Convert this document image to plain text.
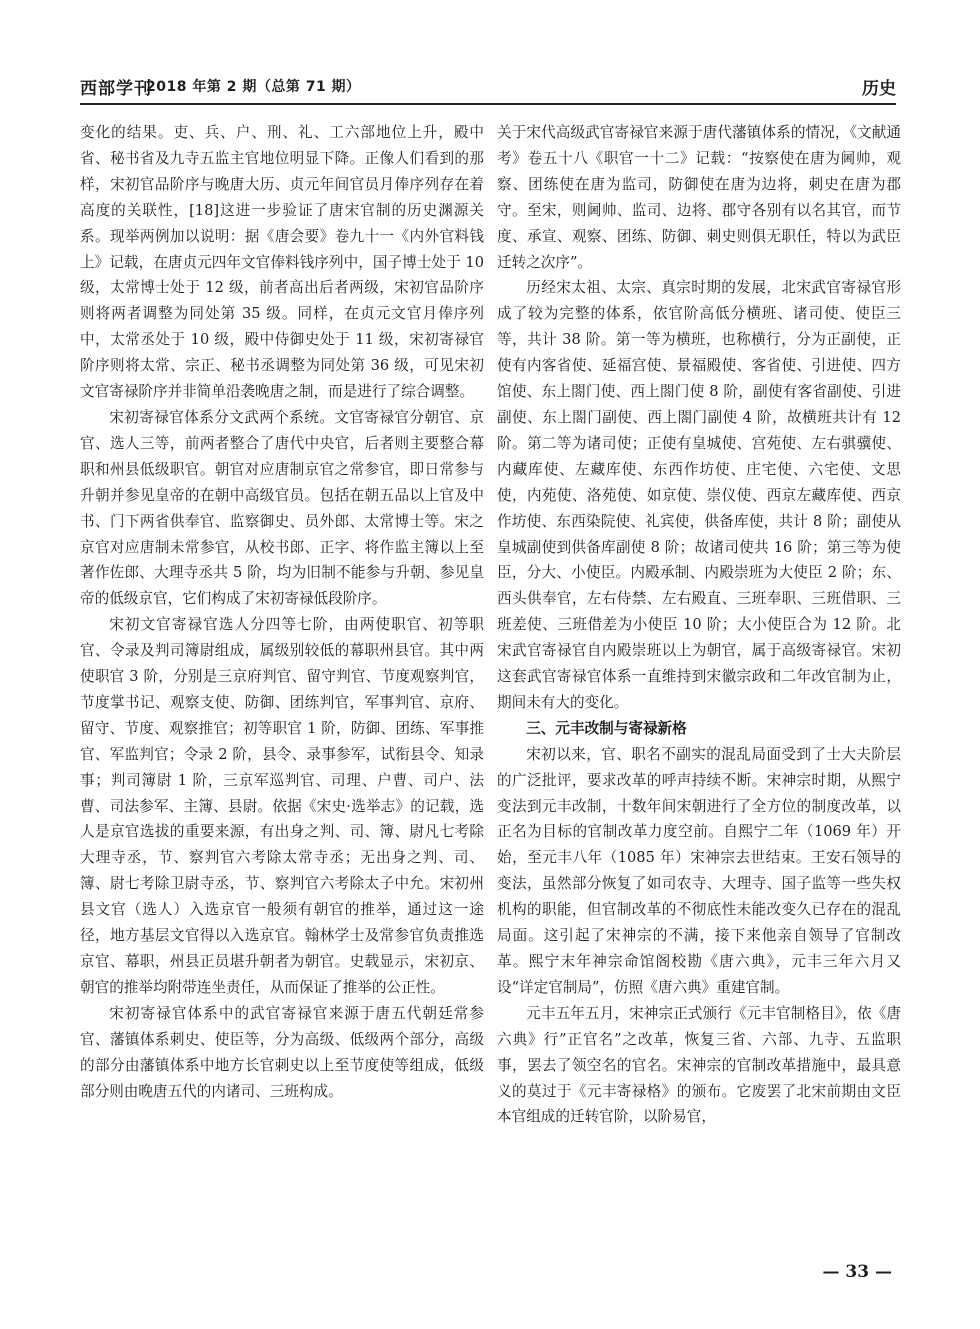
西部学刊
2018 年第 2 期（总第 71 期）	历史

变化的结果。吏、兵、户、刑、礼、工六部地位上升，殿中省、秘书省及九寺五监主官地位明显下降。正像人们看到的那样，宋初官品阶序与晚唐大历、贞元年间官员月俸序列存在着高度的关联性，[18]这进一步验证了唐宋官制的历史渊源关系。现举两例加以说明：据《唐会要》卷九十一《内外官料钱上》记载，在唐贞元四年文官俸料钱序列中，国子博士处于 10 级，太常博士处于 12 级，前者高出后者两级，宋初官品阶序则将两者调整为同处第 35 级。同样，在贞元文官月俸序列中，太常丞处于 10 级，殿中侍御史处于 11 级，宋初寄禄官阶序则将太常、宗正、秘书丞调整为同处第 36 级，可见宋初文官寄禄阶序并非简单沿袭晚唐之制，而是进行了综合调整。

宋初寄禄官体系分文武两个系统。文官寄禄官分朝官、京官、选人三等，前两者整合了唐代中央官，后者则主要整合幕职和州县低级职官。朝官对应唐制京官之常参官，即日常参与升朝并参见皇帝的在朝中高级官员。包括在朝五品以上官及中书、门下两省供奉官、监察御史、员外郎、太常博士等。宋之京官对应唐制未常参官，从校书郎、正字、将作监主簿以上至著作佐郎、大理寺丞共 5 阶，均为旧制不能参与升朝、参见皇帝的低级京官，它们构成了宋初寄禄低段阶序。

宋初文官寄禄官选人分四等七阶，由两使职官、初等职官、令录及判司簿尉组成，属级别较低的幕职州县官。其中两使职官 3 阶，分别是三京府判官、留守判官、节度观察判官，节度掌书记、观察支使、防御、团练判官，军事判官、京府、留守、节度、观察推官；初等职官 1 阶，防御、团练、军事推官、军监判官；令录 2 阶，县令、录事参军，试衔县令、知录事；判司簿尉 1 阶，三京军巡判官、司理、户曹、司户、法曹、司法参军、主簿、县尉。依据《宋史·选举志》的记载，选人是京官选拔的重要来源，有出身之判、司、簿、尉凡七考除大理寺丞，节、察判官六考除太常寺丞；无出身之判、司、簿、尉七考除卫尉寺丞，节、察判官六考除太子中允。宋初州县文官（选人）入选京官一般须有朝官的推举，通过这一途径，地方基层文官得以入选京官。翰林学士及常参官负责推选京官、幕职，州县正员堪升朝者为朝官。史载显示，宋初京、朝官的推举均附带连坐责任，从而保证了推举的公正性。

宋初寄禄官体系中的武官寄禄官来源于唐五代朝廷常参官、藩镇体系刺史、使臣等，分为高级、低级两个部分，高级的部分由藩镇体系中地方长官刺史以上至节度使等组成，低级部分则由晚唐五代的内诸司、三班构成。

关于宋代高级武官寄禄官来源于唐代藩镇体系的情况，《文献通考》卷五十八《职官一十二》记载：“按察使在唐为阃帅，观察、团练使在唐为监司，防御使在唐为边将，刺史在唐为郡守。至宋，则阃帅、监司、边将、郡守各别有以名其官，而节度、承宣、观察、团练、防御、刺史则俱无职任，特以为武臣迁转之次序”。

历经宋太祖、太宗、真宗时期的发展，北宋武官寄禄官形成了较为完整的体系，依官阶高低分横班、诸司使、使臣三等，共计 38 阶。第一等为横班，也称横行，分为正副使，正使有内客省使、延福宫使、景福殿使、客省使、引进使、四方馆使、东上閤门使、西上閤门使 8 阶，副使有客省副使、引进副使、东上閤门副使、西上閤门副使 4 阶，故横班共计有 12 阶。第二等为诸司使；正使有皇城使、宫苑使、左右骐骥使、内藏库使、左藏库使、东西作坊使、庄宅使、六宅使、文思使，内苑使、洛苑使、如京使、崇仪使、西京左藏库使、西京作坊使、东西染院使、礼宾使，供备库使，共计 8 阶；副使从皇城副使到供备库副使 8 阶；故诸司使共 16 阶；第三等为使臣，分大、小使臣。内殿承制、内殿崇班为大使臣 2 阶；东、西头供奉官，左右侍禁、左右殿直、三班奉职、三班借职、三班差使、三班借差为小使臣 10 阶；大小使臣合为 12 阶。北宋武官寄禄官自内殿崇班以上为朝官，属于高级寄禄官。宋初这套武官寄禄官体系一直维持到宋徽宗政和二年改官制为止，期间未有大的变化。

三、元丰改制与寄禄新格

宋初以来，官、职名不副实的混乱局面受到了士大夫阶层的广泛批评，要求改革的呼声持续不断。宋神宗时期，从熙宁变法到元丰改制，十数年间宋朝进行了全方位的制度改革，以正名为目标的官制改革力度空前。自熙宁二年（1069 年）开始，至元丰八年（1085 年）宋神宗去世结束。王安石领导的变法，虽然部分恢复了如司农寺、大理寺、国子监等一些失权机构的职能，但官制改革的不彻底性未能改变久已存在的混乱局面。这引起了宋神宗的不满，接下来他亲自领导了官制改革。熙宁末年神宗命馆阁校勘《唐六典》，元丰三年六月又设“详定官制局”，仿照《唐六典》重建官制。

元丰五年五月，宋神宗正式颁行《元丰官制格目》，依《唐六典》行”正官名”之改革，恢复三省、六部、九寺、五监职事，罢去了领空名的官名。宋神宗的官制改革措施中，最具意义的莫过于《元丰寄禄格》的颁布。它废罢了北宋前期由文臣本官组成的迁转官阶，以阶易官，

— 33 —
